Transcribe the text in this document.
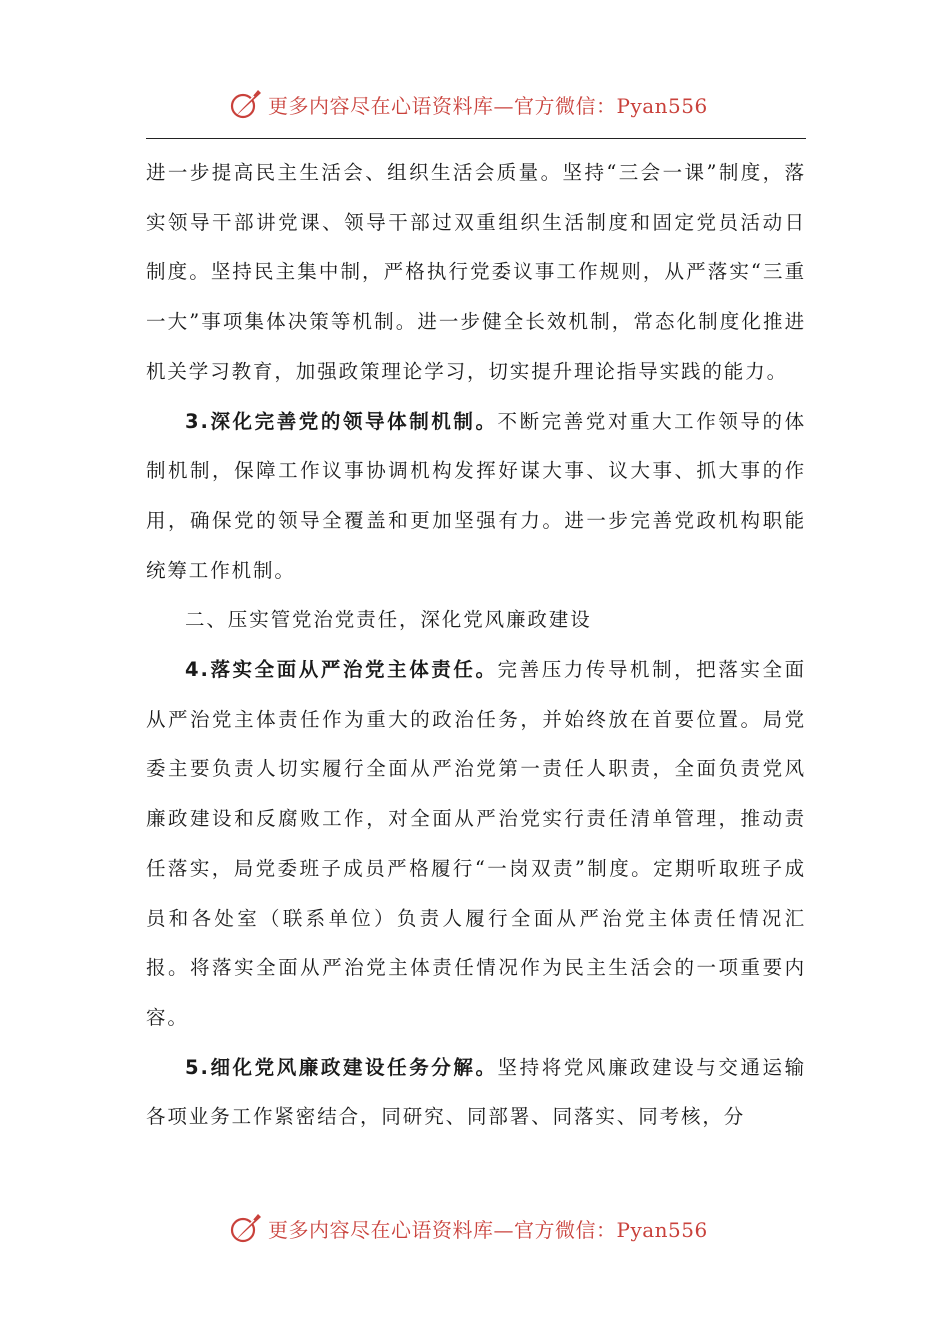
更多内容尽在心语资料库—官方微信：Pyan556

进一步提高民主生活会、组织生活会质量。坚持“三会一课”制度，落实领导干部讲党课、领导干部过双重组织生活制度和固定党员活动日制度。坚持民主集中制，严格执行党委议事工作规则，从严落实“三重一大”事项集体决策等机制。进一步健全长效机制，常态化制度化推进机关学习教育，加强政策理论学习，切实提升理论指导实践的能力。

3.深化完善党的领导体制机制。不断完善党对重大工作领导的体制机制，保障工作议事协调机构发挥好谋大事、议大事、抓大事的作用，确保党的领导全覆盖和更加坚强有力。进一步完善党政机构职能统筹工作机制。

二、压实管党治党责任，深化党风廉政建设

4.落实全面从严治党主体责任。完善压力传导机制，把落实全面从严治党主体责任作为重大的政治任务，并始终放在首要位置。局党委主要负责人切实履行全面从严治党第一责任人职责，全面负责党风廉政建设和反腐败工作，对全面从严治党实行责任清单管理，推动责任落实，局党委班子成员严格履行“一岗双责”制度。定期听取班子成员和各处室（联系单位）负责人履行全面从严治党主体责任情况汇报。将落实全面从严治党主体责任情况作为民主生活会的一项重要内容。

5.细化党风廉政建设任务分解。坚持将党风廉政建设与交通运输各项业务工作紧密结合，同研究、同部署、同落实、同考核，分

更多内容尽在心语资料库—官方微信：Pyan556
